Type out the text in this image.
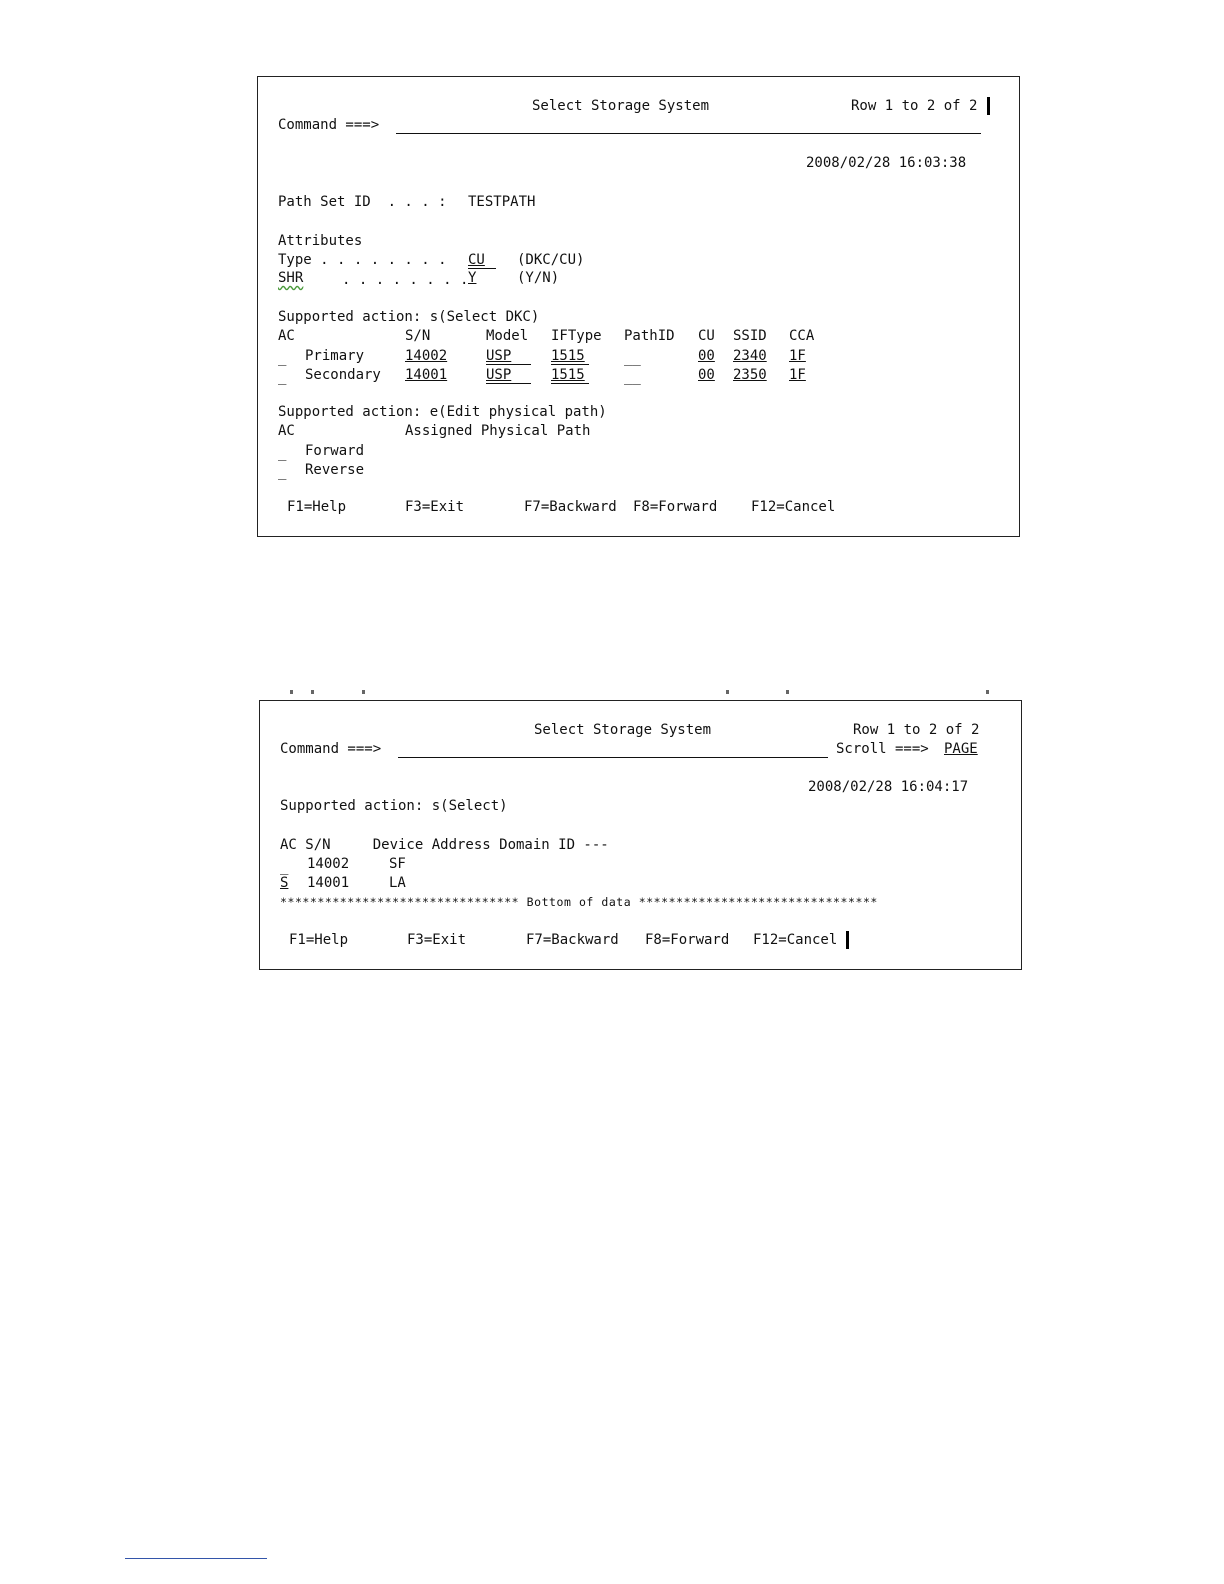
Select Storage System	Row 1 to 2 of 2
Command ===>
2008/02/28 16:03:38
Path Set ID  . . . : TESTPATH
Attributes
Type . . . . . . . . CU (DKC/CU)
SHR	. . . . . . . . Y	(Y/N)
Supported action: s(Select DKC)
AC	S/N	Model IFType PathID CU SSID CCA
_ Primary	14002	USP	1515	__	00 2340 1F
_ Secondary 14001	USP	1515	__	00 2350 1F
Supported action: e(Edit physical path)
AC	Assigned Physical Path
_ Forward
_ Reverse
F1=Help	F3=Exit	F7=Backward F8=Forward F12=Cancel
Select Storage System	Row 1 to 2 of 2
Command ===>	Scroll ===> PAGE
2008/02/28 16:04:17
Supported action: s(Select)
AC S/N     Device Address Domain ID ---
_ 14002	SF
S 14001	LA
******************************** Bottom of data ********************************
F1=Help	F3=Exit	F7=Backward F8=Forward F12=Cancel
